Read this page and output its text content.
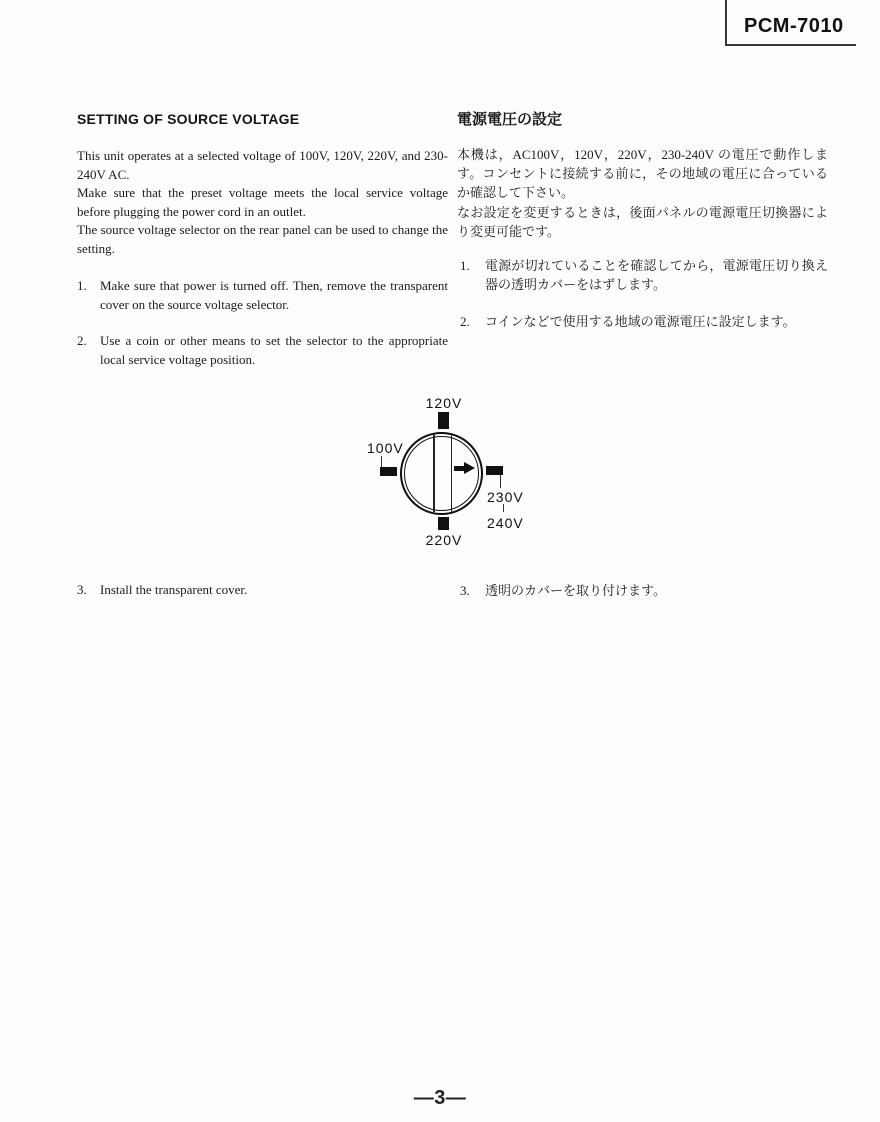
PCM-7010
SETTING OF SOURCE VOLTAGE

This unit operates at a selected voltage of 100V, 120V, 220V, and 230-240V AC.

Make sure that the preset voltage meets the local service voltage before plugging the power cord in an outlet.

The source voltage selector on the rear panel can be used to change the setting.

1.	Make sure that power is turned off. Then, remove the transparent cover on the source voltage selector.
2.	Use a coin or other means to set the selector to the appropriate local service voltage position.
3.	Install the transparent cover.
電源電圧の設定

本機は，AC100V，120V，220V，230-240V の電圧で動作します。コンセントに接続する前に，その地域の電圧に合っているか確認して下さい。

なお設定を変更するときは，後面パネルの電源電圧切換器により変更可能です。

1.	電源が切れていることを確認してから，電源電圧切り換え器の透明カバーをはずします。
2.	コインなどで使用する地域の電源電圧に設定します。
3.	透明のカバーを取り付けます。
120V
100V
220V
230V
240V
—3—
